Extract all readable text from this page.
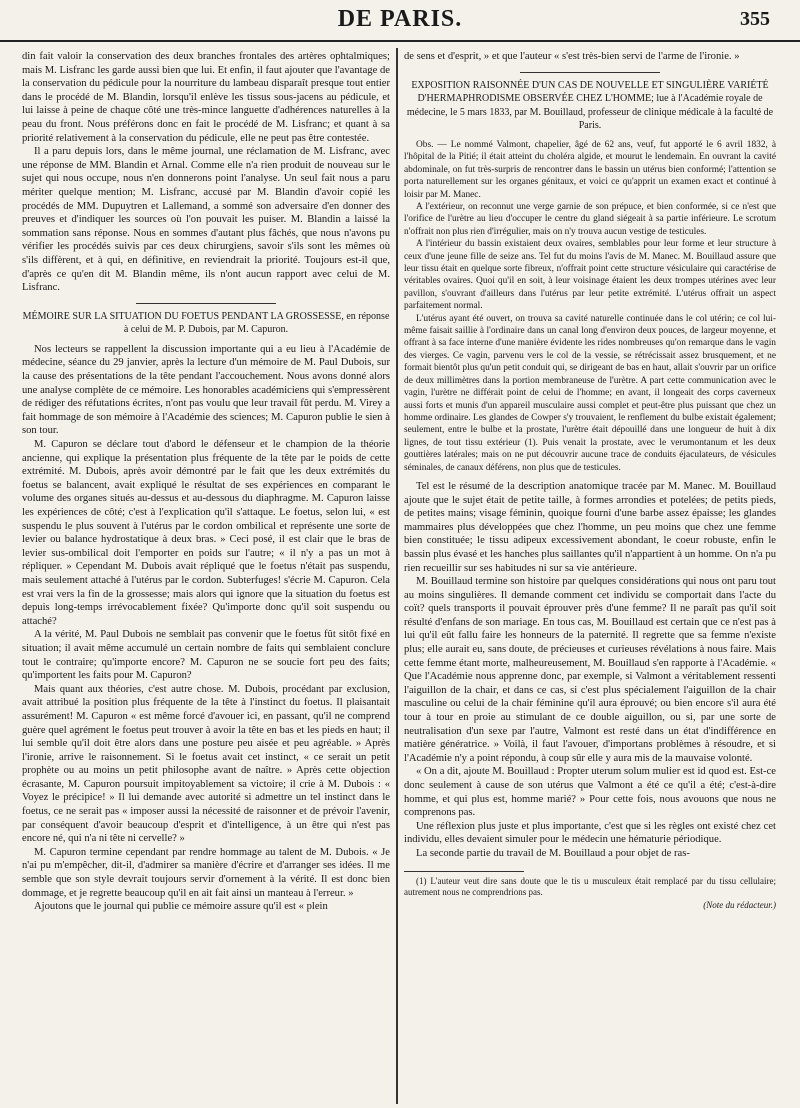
DE PARIS.	355

din fait valoir la conservation des deux branches frontales des artères ophtalmiques; mais M. Lisfranc les garde aussi bien que lui. Et enfin, il faut ajouter que l'avantage de la conservation du pédicule pour la nourriture du lambeau disparaît presque tout entier dans le procédé de M. Blandin, lorsqu'il enlève les tissus sous-jacens au pédicule, et lui laisse à peine de chaque côté une très-mince languette d'adhérences naturelles à la peau du front. Nous préférons donc en fait le procédé de M. Lisfranc; et quant à sa priorité relativement à la conservation du pédicule, elle ne peut pas être contestée.

Il a paru depuis lors, dans le même journal, une réclamation de M. Lisfranc, avec une réponse de MM. Blandin et Arnal. Comme elle n'a rien produit de nouveau sur le sujet qui nous occupe, nous n'en donnerons point l'analyse. Un seul fait nous a paru mériter quelque mention; M. Lisfranc, accusé par M. Blandin d'avoir copié les procédés de MM. Dupuytren et Lallemand, a sommé son adversaire d'en donner des preuves et d'indiquer les sources où l'on pouvait les puiser. M. Blandin a laissé la sommation sans réponse. Nous en sommes d'autant plus fâchés, que nous n'avons pu vérifier les procédés suivis par ces deux chirurgiens, savoir s'ils sont les mêmes où s'ils diffèrent, et à qui, en définitive, en reviendrait la priorité. Toujours est-il que, d'après ce qu'en dit M. Blandin même, ils n'ont aucun rapport avec celui de M. Lisfranc.

MÉMOIRE SUR LA SITUATION DU FOETUS PENDANT LA GROSSESSE, en réponse à celui de M. P. Dubois, par M. Capuron.

Nos lecteurs se rappellent la discussion importante qui a eu lieu à l'Académie de médecine, séance du 29 janvier, après la lecture d'un mémoire de M. Paul Dubois, sur la cause des présentations de la tête pendant l'accouchement. Nous avons donné alors une analyse complète de ce mémoire. Les honorables académiciens qui s'empressèrent de rédiger des réfutations écrites, n'ont pas voulu que leur travail fût perdu. M. Virey a fait hommage de son mémoire à l'Académie des sciences; M. Capuron publie le sien à son tour.

M. Capuron se déclare tout d'abord le défenseur et le champion de la théorie ancienne, qui explique la présentation plus fréquente de la tête par le poids de cette extrémité. M. Dubois, après avoir démontré par le fait que les deux extrémités du foetus se balancent, avait expliqué le résultat de ses expériences en comparant le volume des organes situés au-dessus et au-dessous du diaphragme. M. Capuron laisse les expériences de côté; c'est à l'explication qu'il s'attaque. Le foetus, selon lui, « est suspendu le plus souvent à l'utérus par le cordon ombilical et représente une sorte de levier ou balance hydrostatique à deux bras. » Ceci posé, il est clair que le bras de levier sus-ombilical doit l'emporter en poids sur l'autre; « il n'y a pas un mot à répliquer. » Cependant M. Dubois avait répliqué que le foetus n'était pas suspendu, mais seulement attaché à l'utérus par le cordon. Subterfuges! s'écrie M. Capuron. Cela est vrai vers la fin de la grossesse; mais alors qui ignore que la situation du foetus est depuis long-temps irrévocablement fixée? Qu'importe donc qu'il soit suspendu ou attaché?

A la vérité, M. Paul Dubois ne semblait pas convenir que le foetus fût sitôt fixé en situation; il avait même accumulé un certain nombre de faits qui semblaient conclure tout le contraire; qu'importe encore? M. Capuron ne se soucie fort peu des faits; qu'importent les faits pour M. Capuron?

Mais quant aux théories, c'est autre chose. M. Dubois, procédant par exclusion, avait attribué la position plus fréquente de la tête à l'instinct du foetus. Il plaisantait assurément! M. Capuron « est même forcé d'avouer ici, en passant, qu'il ne comprend guère quel agrément le foetus peut trouver à avoir la tête en bas et les pieds en haut; il lui semble qu'il doit être alors dans une posture peu aisée et peu agréable. » Après l'ironie, arrive le raisonnement. Si le foetus avait cet instinct, « ce serait un petit prophète ou au moins un petit philosophe avant de naître. » Après cette objection écrasante, M. Capuron poursuit impitoyablement sa victoire; il crie à M. Dubois : « Voyez le précipice! » Il lui demande avec autorité si admettre un tel instinct dans le foetus, ce ne serait pas « imposer aussi la nécessité de raisonner et de prévoir l'avenir, par conséquent d'avoir beaucoup d'esprit et d'intelligence, à un être qui n'est pas encore né, qui n'a ni tête ni cervelle? »

M. Capuron termine cependant par rendre hommage au talent de M. Dubois. « Je n'ai pu m'empêcher, dit-il, d'admirer sa manière d'écrire et d'arranger ses idées. Il me semble que son style devrait toujours servir d'ornement à la vérité. Il est donc bien dommage, et je regrette beaucoup qu'il en ait fait ainsi un manteau à l'erreur. »

Ajoutons que le journal qui publie ce mémoire assure qu'il est « plein

de sens et d'esprit, » et que l'auteur « s'est très-bien servi de l'arme de l'ironie. »

EXPOSITION RAISONNÉE D'UN CAS DE NOUVELLE ET SINGULIÈRE VARIÉTÉ D'HERMAPHRODISME OBSERVÉE CHEZ L'HOMME; lue à l'Académie royale de médecine, le 5 mars 1833, par M. Bouillaud, professeur de clinique médicale à la faculté de Paris.

Obs. — Le nommé Valmont, chapelier, âgé de 62 ans, veuf, fut apporté le 6 avril 1832, à l'hôpital de la Pitié; il était atteint du choléra algide, et mourut le lendemain. En ouvrant la cavité abdominale, on fut très-surpris de rencontrer dans le bassin un utérus bien conformé; l'attention se porta naturellement sur les organes génitaux, et voici ce qu'apprit un examen exact et continué à loisir par M. Manec.

A l'extérieur, on reconnut une verge garnie de son prépuce, et bien conformée, si ce n'est que l'orifice de l'urètre au lieu d'occuper le centre du gland siégeait à sa partie inférieure. Le scrotum n'offrait non plus rien d'irrégulier, mais on n'y trouva aucun vestige de testicules.

A l'intérieur du bassin existaient deux ovaires, semblables pour leur forme et leur structure à ceux d'une jeune fille de seize ans. Tel fut du moins l'avis de M. Manec. M. Bouillaud assure que leur tissu était en quelque sorte fibreux, n'offrait point cette structure vésiculaire qui caractérise de véritables ovaires. Quoi qu'il en soit, à leur voisinage étaient les deux trompes utérines avec leur pavillon, s'ouvrant d'ailleurs dans l'utérus par leur petite extrémité. L'utérus offrait un aspect parfaitement normal.

L'utérus ayant été ouvert, on trouva sa cavité naturelle continuée dans le col utérin; ce col lui-même faisait saillie à l'ordinaire dans un canal long d'environ deux pouces, de largeur moyenne, et offrant à sa face interne d'une manière évidente les rides nombreuses qu'on remarque dans le vagin des vierges. Ce vagin, parvenu vers le col de la vessie, se rétrécissait assez brusquement, et ne formait bientôt plus qu'un petit conduit qui, se dirigeant de bas en haut, allait s'ouvrir par un orifice de deux millimètres dans la portion membraneuse de l'urètre. A part cette communication avec le vagin, l'urètre ne différait point de celui de l'homme; en avant, il longeait des corps caverneux aussi forts et munis d'un appareil musculaire aussi complet et peut-être plus puissant que chez un homme ordinaire. Les glandes de Cowper s'y trouvaient, le renflement du bulbe existait également; seulement, entre le bulbe et la prostate, l'urètre était dépouillé dans une longueur de huit à dix lignes, de tout tissu extérieur (1). Puis venait la prostate, avec le verumontanum et les deux gouttières latérales; mais on ne put découvrir aucune trace de conduits éjaculateurs, de vésicules séminales, de canaux déférens, non plus que de testicules.

Tel est le résumé de la description anatomique tracée par M. Manec. M. Bouillaud ajoute que le sujet était de petite taille, à formes arrondies et potelées; de petits pieds, de petites mains; visage féminin, quoique fourni d'une barbe assez épaisse; les glandes mammaires plus développées que chez l'homme, un peu moins que chez une femme bien constituée; le tissu adipeux excessivement abondant, le coeur robuste, enfin le bassin plus évasé et les hanches plus saillantes qu'il n'appartient à un homme. On n'a pu rien recueillir sur ses habitudes ni sur sa vie antérieure.

M. Bouillaud termine son histoire par quelques considérations qui nous ont paru tout au moins singulières. Il demande comment cet individu se comportait dans l'acte du coït? quels transports il pouvait éprouver près d'une femme? Il ne paraît pas qu'il soit résulté d'enfans de son mariage. En tous cas, M. Bouillaud est certain que ce n'est pas à lui qu'il eût fallu faire les honneurs de la paternité. Il regrette que sa femme n'existe plus; elle aurait eu, sans doute, de précieuses et curieuses révélations à nous faire. Mais cette femme étant morte, malheureusement, M. Bouillaud s'en rapporte à l'Académie. « Que l'Académie nous apprenne donc, par exemple, si Valmont a véritablement ressenti l'aiguillon de la chair, et dans ce cas, si c'est plus spécialement l'aiguillon de la chair masculine ou celui de la chair féminine qu'il aura éprouvé; ou bien encore s'il aura été tour à tour en proie au stimulant de ce double aiguillon, ou si, par une sorte de neutralisation d'un sexe par l'autre, Valmont est resté dans un état d'indifférence en matière génératrice. » Voilà, il faut l'avouer, d'importans problèmes à résoudre, et si l'Académie n'y a point répondu, à coup sûr elle y aura mis de la mauvaise volonté.

« On a dit, ajoute M. Bouillaud : Propter uterum solum mulier est id quod est. Est-ce donc seulement à cause de son utérus que Valmont a été ce qu'il a été; c'est-à-dire homme, et qui plus est, homme marié? » Pour cette fois, nous avouons que nous ne comprenons pas.

Une réflexion plus juste et plus importante, c'est que si les règles ont existé chez cet individu, elles devaient simuler pour le médecin une hématurie périodique.

La seconde partie du travail de M. Bouillaud a pour objet de ras-

(1) L'auteur veut dire sans doute que le tis u musculeux était remplacé par du tissu cellulaire; autrement nous ne comprendrions pas.

(Note du rédacteur.)
